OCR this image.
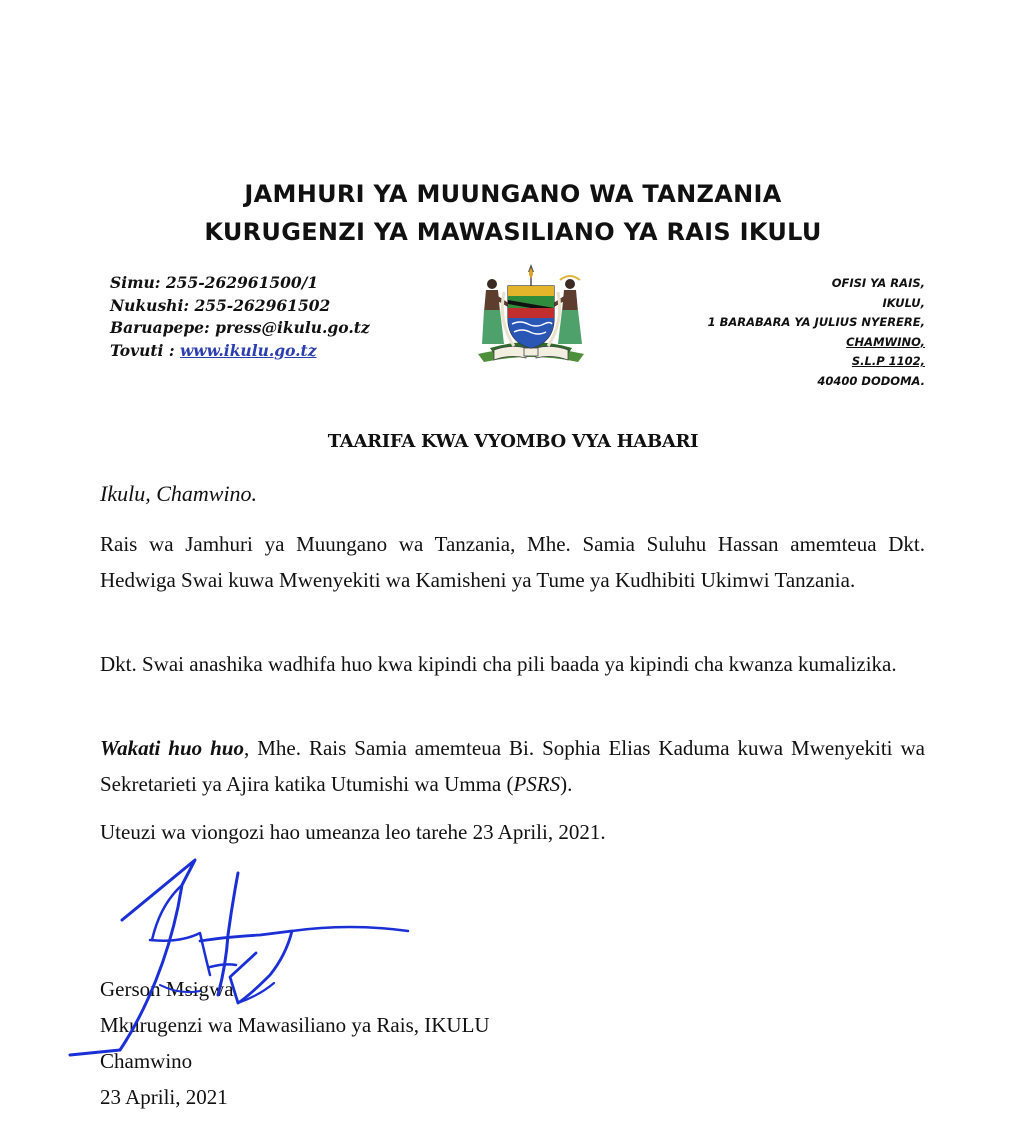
JAMHURI YA MUUNGANO WA TANZANIA
KURUGENZI YA MAWASILIANO YA RAIS IKULU
Simu: 255-262961500/1
Nukushi: 255-262961502
Baruapepe: press@ikulu.go.tz
Tovuti : www.ikulu.go.tz
OFISI YA RAIS,
IKULU,
1 BARABARA YA JULIUS NYERERE,
CHAMWINO,
S.L.P 1102,
40400 DODOMA.
TAARIFA KWA VYOMBO VYA HABARI
Ikulu, Chamwino.
Rais wa Jamhuri ya Muungano wa Tanzania, Mhe. Samia Suluhu Hassan amemteua Dkt. Hedwiga Swai kuwa Mwenyekiti wa Kamisheni ya Tume ya Kudhibiti Ukimwi Tanzania.
Dkt. Swai anashika wadhifa huo kwa kipindi cha pili baada ya kipindi cha kwanza kumalizika.
Wakati huo huo, Mhe. Rais Samia amemteua Bi. Sophia Elias Kaduma kuwa Mwenyekiti wa Sekretarieti ya Ajira katika Utumishi wa Umma (PSRS).
Uteuzi wa viongozi hao umeanza leo tarehe 23 Aprili, 2021.
Gerson Msigwa
Mkurugenzi wa Mawasiliano ya Rais, IKULU
Chamwino
23 Aprili, 2021
